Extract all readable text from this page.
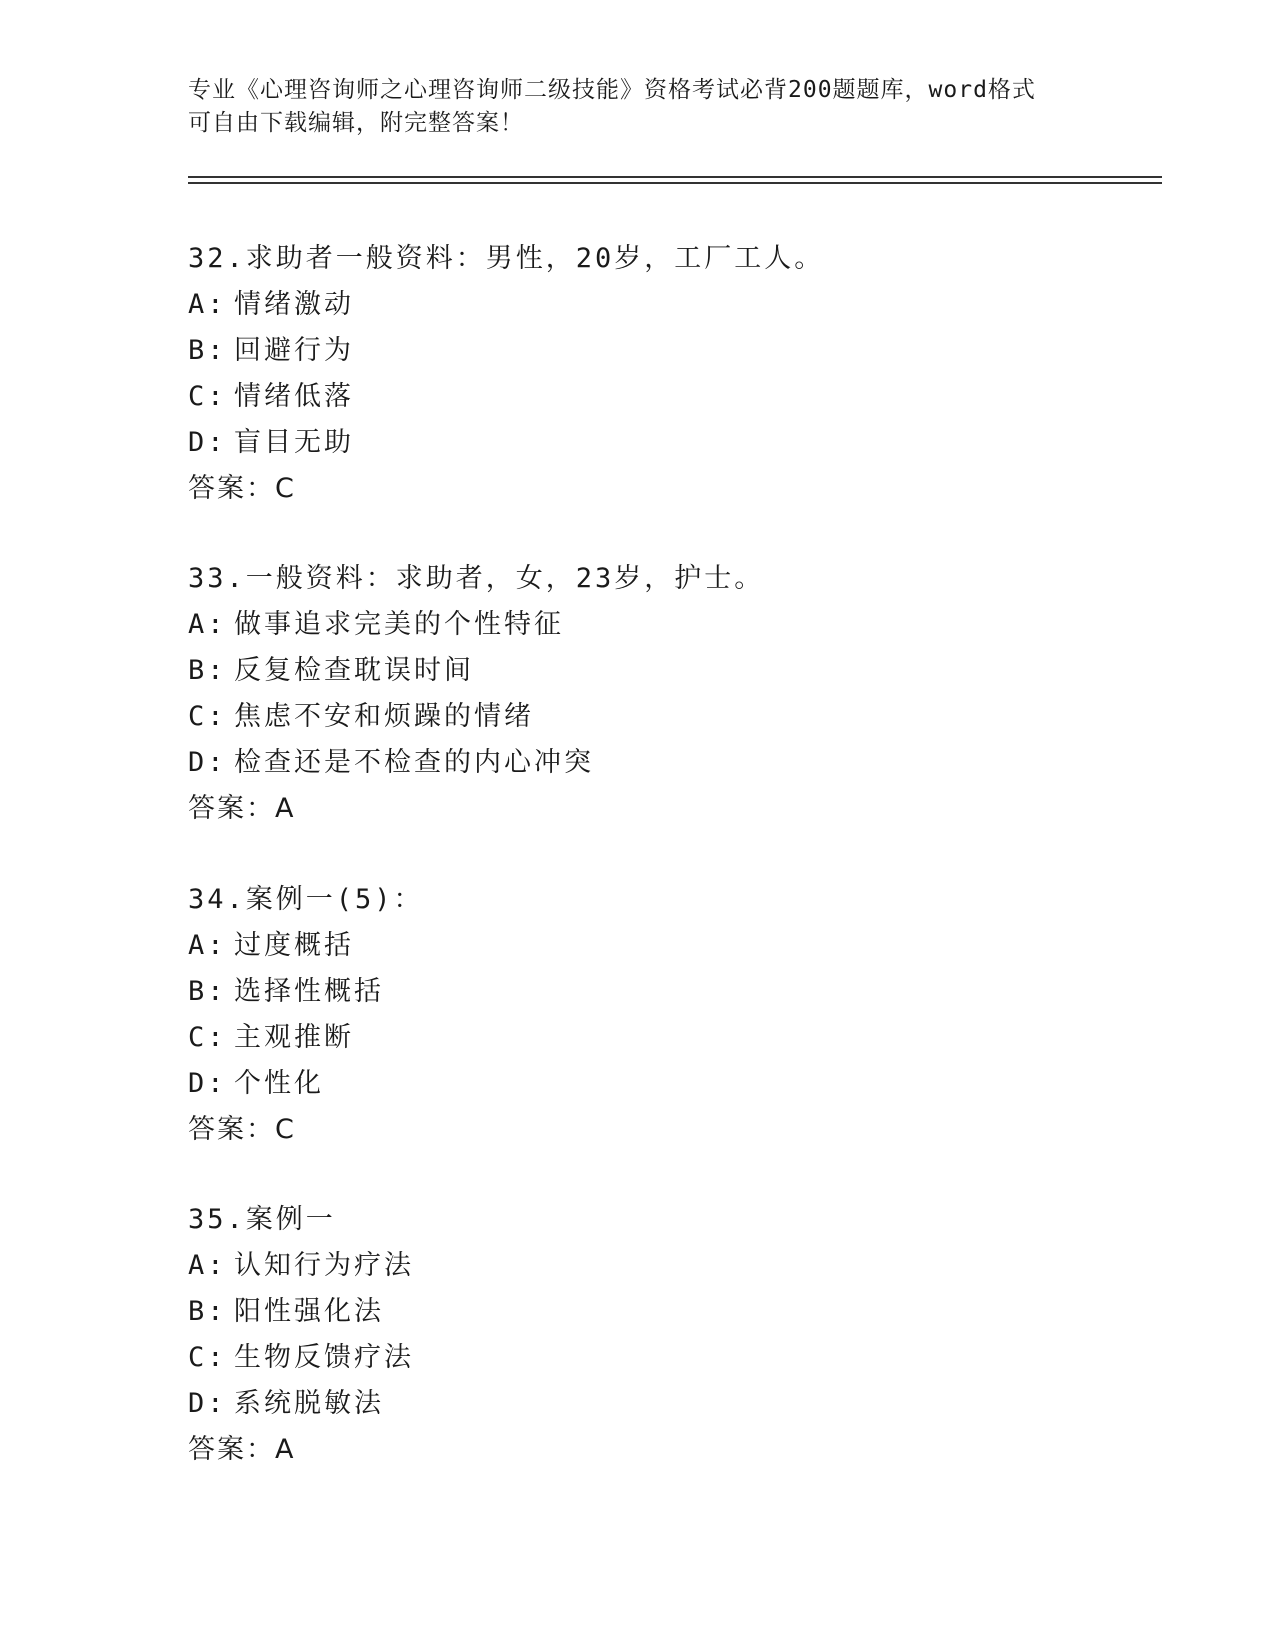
专业《心理咨询师之心理咨询师二级技能》资格考试必背200题题库，word格式
可自由下载编辑，附完整答案！
32.求助者一般资料：男性，20岁，工厂工人。
A: 情绪激动
B: 回避行为
C: 情绪低落
D: 盲目无助
答案：C
33.一般资料：求助者，女，23岁，护士。
A: 做事追求完美的个性特征
B: 反复检查耽误时间
C: 焦虑不安和烦躁的情绪
D: 检查还是不检查的内心冲突
答案：A
34.案例一(5)：
A: 过度概括
B: 选择性概括
C: 主观推断
D: 个性化
答案：C
35.案例一
A: 认知行为疗法
B: 阳性强化法
C: 生物反馈疗法
D: 系统脱敏法
答案：A
